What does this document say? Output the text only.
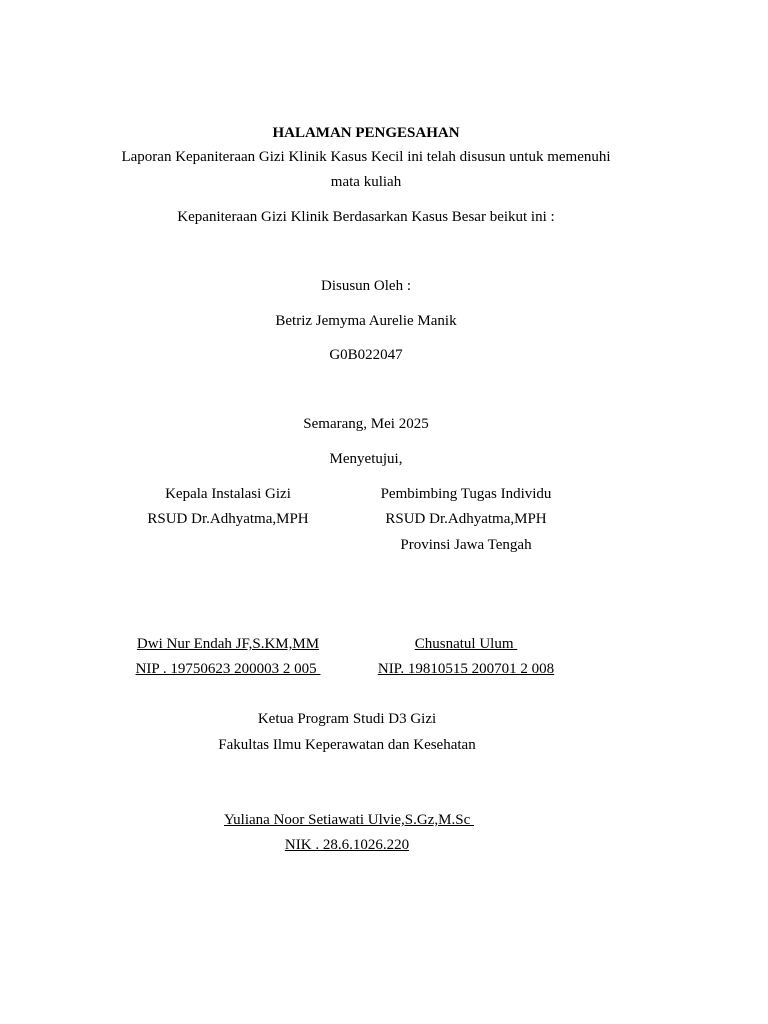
HALAMAN PENGESAHAN
Laporan Kepaniteraan Gizi Klinik Kasus Kecil ini telah disusun untuk memenuhi
mata kuliah
Kepaniteraan Gizi Klinik Berdasarkan Kasus Besar beikut ini :
Disusun Oleh :
Betriz Jemyma Aurelie Manik
G0B022047
Semarang, Mei 2025
Menyetujui,
Kepala Instalasi Gizi
RSUD Dr.Adhyatma,MPH
Dwi Nur Endah JF,S.KM,MM
NIP . 19750623 200003 2 005
Pembimbing Tugas Individu
RSUD Dr.Adhyatma,MPH
Provinsi Jawa Tengah
Chusnatul Ulum
NIP. 19810515 200701 2 008
Ketua Program Studi D3 Gizi
Fakultas Ilmu Keperawatan dan Kesehatan
Yuliana Noor Setiawati Ulvie,S.Gz,M.Sc
NIK . 28.6.1026.220
